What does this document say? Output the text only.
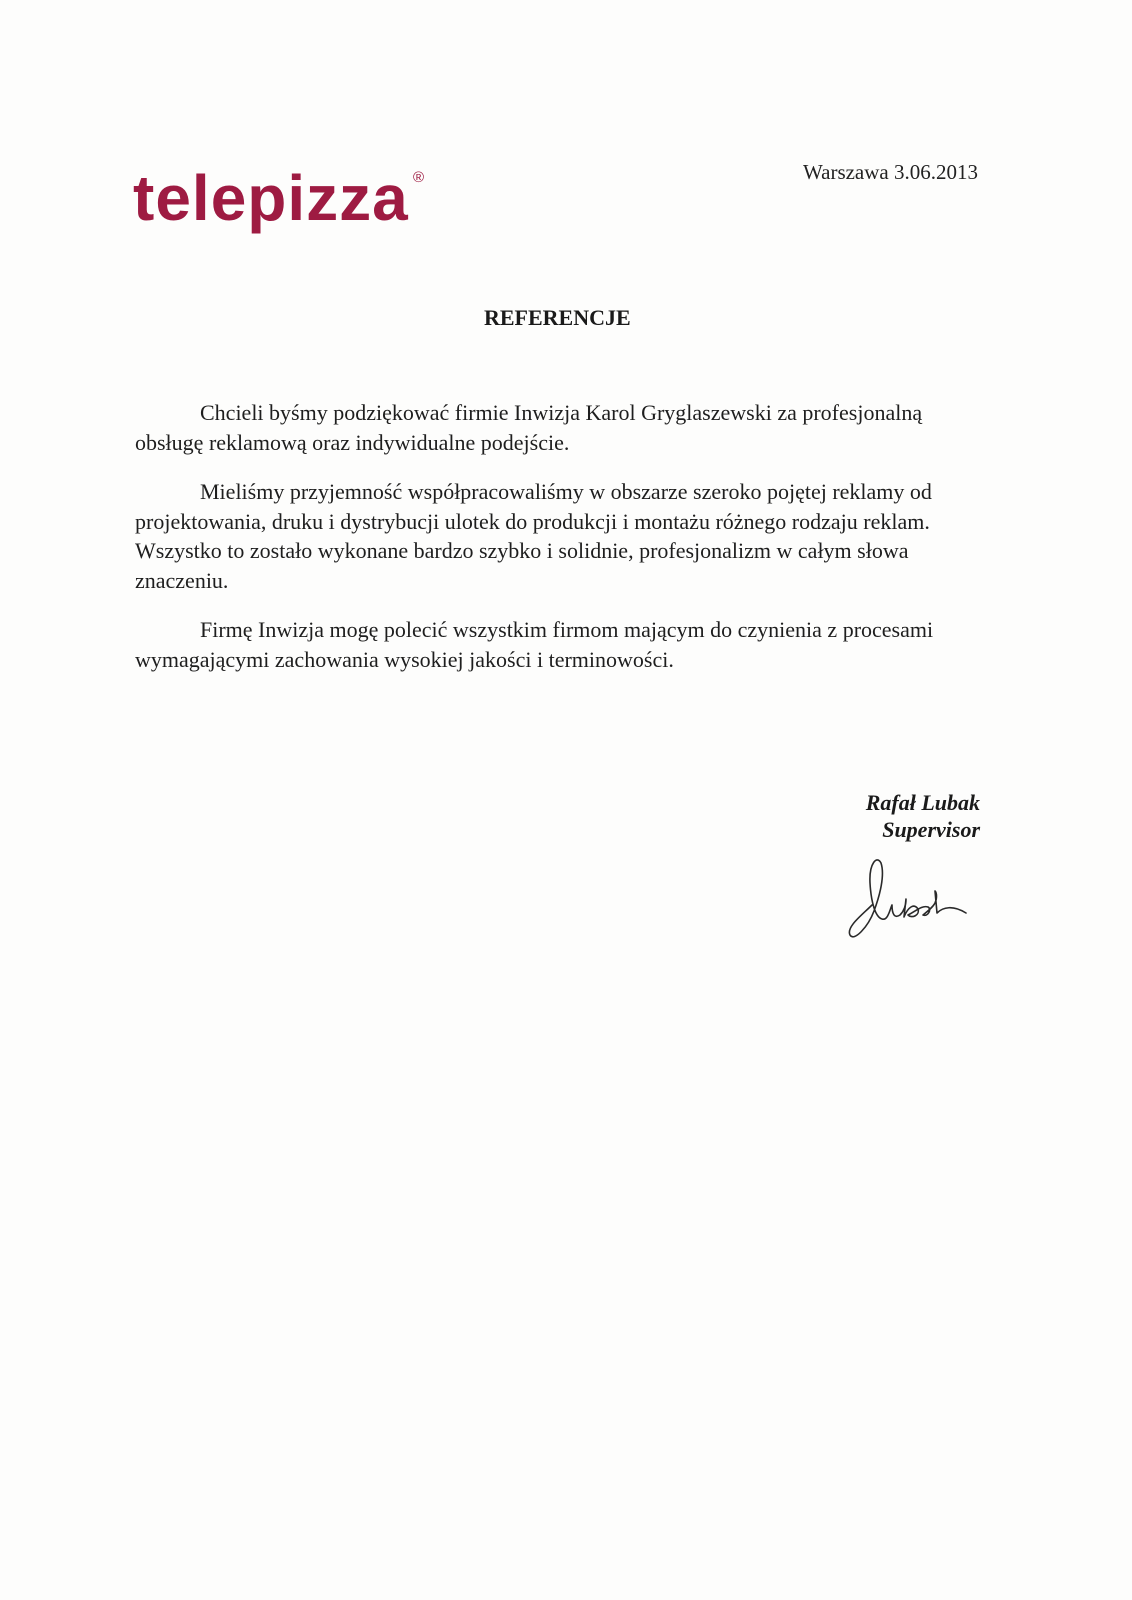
telepizza ®	Warszawa 3.06.2013
REFERENCJE
Chcieli byśmy podziękować firmie Inwizja Karol Gryglaszewski za profesjonalną
obsługę reklamową oraz indywidualne podejście.
Mieliśmy przyjemność współpracowaliśmy w obszarze szeroko pojętej reklamy od
projektowania, druku i dystrybucji ulotek do produkcji i montażu różnego rodzaju reklam.
Wszystko to zostało wykonane bardzo szybko i solidnie, profesjonalizm w całym słowa
znaczeniu.
Firmę Inwizja mogę polecić wszystkim firmom mającym do czynienia z procesami
wymagającymi zachowania wysokiej jakości i terminowości.
Rafał Lubak
Supervisor
